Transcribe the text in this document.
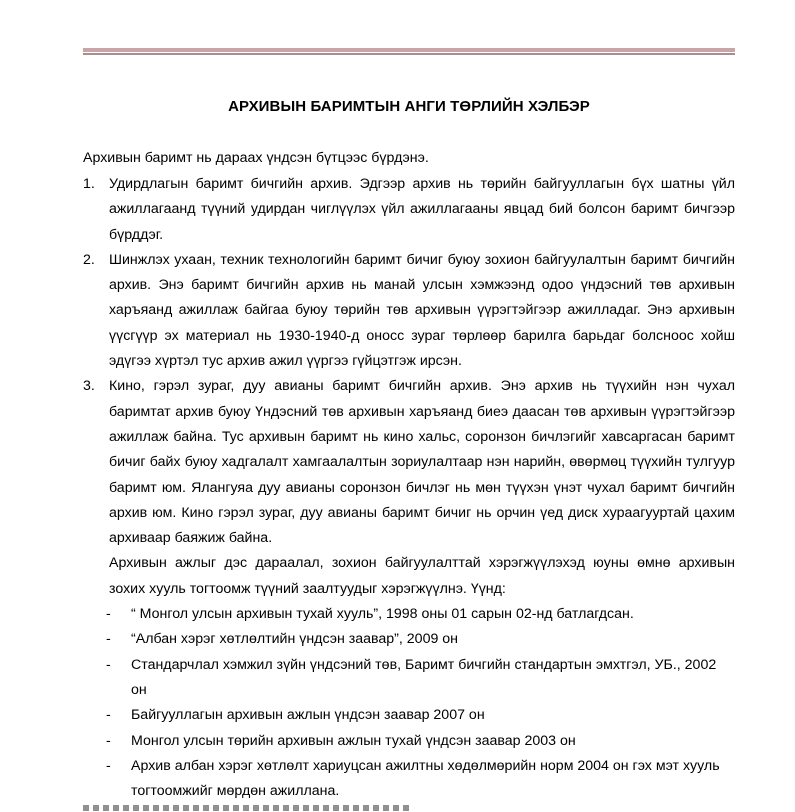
АРХИВЫН БАРИМТЫН АНГИ ТӨРЛИЙН ХЭЛБЭР
Архивын баримт нь дараах үндсэн бүтцээс бүрдэнэ.
1. Удирдлагын баримт бичгийн архив. Эдгээр архив нь төрийн байгууллагын бүх шатны үйл ажиллагаанд түүний удирдан чиглүүлэх үйл ажиллагааны явцад бий болсон баримт бичгээр бүрддэг.

2. Шинжлэх ухаан, техник технологийн баримт бичиг буюу зохион байгуулалтын баримт бичгийн архив. Энэ баримт бичгийн архив нь манай улсын хэмжээнд одоо үндэсний төв архивын харъяанд ажиллаж байгаа буюу төрийн төв архивын үүрэгтэйгээр ажилладаг. Энэ архивын үүсгүүр эх материал нь 1930-1940-д оносс зураг төрлөөр барилга барьдаг болсноос хойш эдүгээ хүртэл тус архив ажил үүргээ гүйцэтгэж ирсэн.

3. Кино, гэрэл зураг, дуу авианы баримт бичгийн архив. Энэ архив нь түүхийн нэн чухал баримтат архив буюу Үндэсний төв архивын харъяанд биеэ даасан төв архивын үүрэгтэйгээр ажиллаж байна. Тус архивын баримт нь кино хальс, соронзон бичлэгийг хавсаргасан баримт бичиг байх буюу хадгалалт хамгаалалтын зориулалтаар нэн нарийн, өвөрмөц түүхийн тулгуур баримт юм. Ялангуяа дуу авианы соронзон бичлэг нь мөн түүхэн үнэт чухал баримт бичгийн архив юм. Кино гэрэл зураг, дуу авианы баримт бичиг нь орчин үед диск хураагууртай цахим архиваар баяжиж байна.

Архивын ажлыг дэс дараалал, зохион байгуулалттай хэрэгжүүлэхэд юуны өмнө архивын зохих хууль тогтоомж түүний заалтуудыг хэрэгжүүлнэ. Үүнд:

- “ Монгол улсын архивын тухай хууль”, 1998 оны 01 сарын 02-нд батлагдсан.
- “Албан хэрэг хөтлөлтийн үндсэн заавар”, 2009 он
- Стандарчлал хэмжил зүйн үндсэний төв, Баримт бичгийн стандартын эмхтгэл, УБ., 2002 он
- Байгууллагын архивын ажлын үндсэн заавар 2007 он
- Монгол улсын төрийн архивын ажлын тухай үндсэн заавар 2003 он
- Архив албан хэрэг хөтлөлт хариуцсан ажилтны хөдөлмөрийн норм 2004 он гэх мэт хууль тогтоомжийг мөрдөн ажиллана.
